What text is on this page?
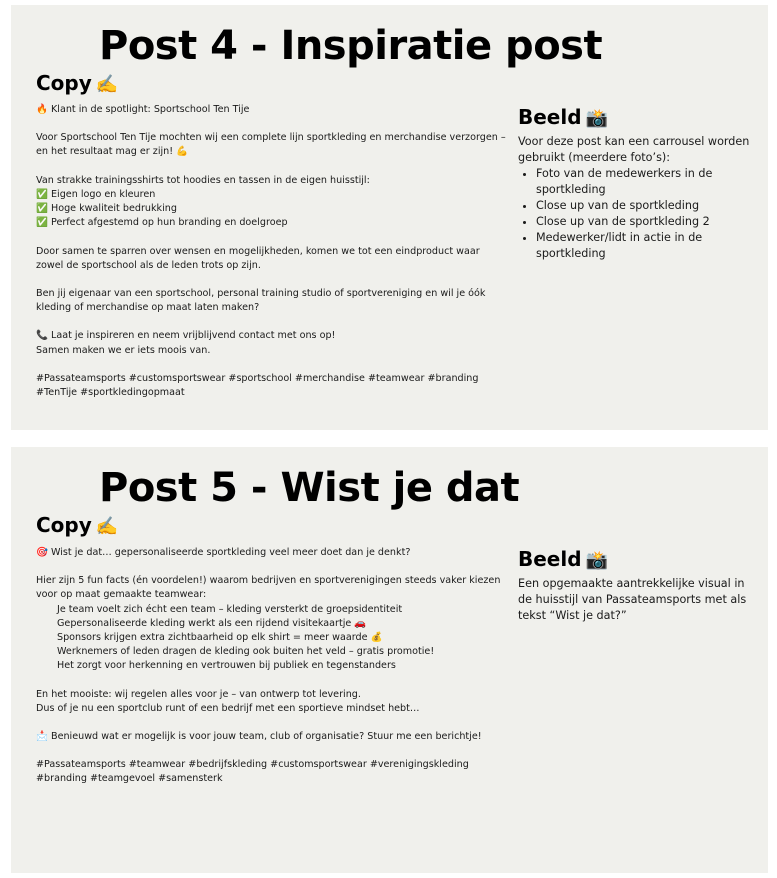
Post 4 - Inspiratie post
Copy ✍️
🔥 Klant in de spotlight: Sportschool Ten Tije
Voor Sportschool Ten Tije mochten wij een complete lijn sportkleding en merchandise verzorgen –
en het resultaat mag er zijn! 💪
Van strakke trainingsshirts tot hoodies en tassen in de eigen huisstijl:
✅ Eigen logo en kleuren
✅ Hoge kwaliteit bedrukking
✅ Perfect afgestemd op hun branding en doelgroep
Door samen te sparren over wensen en mogelijkheden, komen we tot een eindproduct waar
zowel de sportschool als de leden trots op zijn.
Ben jij eigenaar van een sportschool, personal training studio of sportvereniging en wil je óók
kleding of merchandise op maat laten maken?
📞 Laat je inspireren en neem vrijblijvend contact met ons op!
Samen maken we er iets moois van.
#Passateamsports #customsportswear #sportschool #merchandise #teamwear #branding
#TenTije #sportkledingopmaat
Beeld 📸

Voor deze post kan een carrousel worden gebruikt (meerdere foto’s):

• Foto van de medewerkers in de sportkleding
• Close up van de sportkleding
• Close up van de sportkleding 2
• Medewerker/lidt in actie in de sportkleding
Post 5 - Wist je dat
Copy ✍️
🎯 Wist je dat… gepersonaliseerde sportkleding veel meer doet dan je denkt?
Hier zijn 5 fun facts (én voordelen!) waarom bedrijven en sportverenigingen steeds vaker kiezen
voor op maat gemaakte teamwear:
Je team voelt zich écht een team – kleding versterkt de groepsidentiteit
Gepersonaliseerde kleding werkt als een rijdend visitekaartje 🚗
Sponsors krijgen extra zichtbaarheid op elk shirt = meer waarde 💰
Werknemers of leden dragen de kleding ook buiten het veld – gratis promotie!
Het zorgt voor herkenning en vertrouwen bij publiek en tegenstanders
En het mooiste: wij regelen alles voor je – van ontwerp tot levering.
Dus of je nu een sportclub runt of een bedrijf met een sportieve mindset hebt…
📩 Benieuwd wat er mogelijk is voor jouw team, club of organisatie? Stuur me een berichtje!
#Passateamsports #teamwear #bedrijfskleding #customsportswear #verenigingskleding
#branding #teamgevoel #samensterk
Beeld 📸

Een opgemaakte aantrekkelijke visual in de huisstijl van Passateamsports met als tekst “Wist je dat?”
